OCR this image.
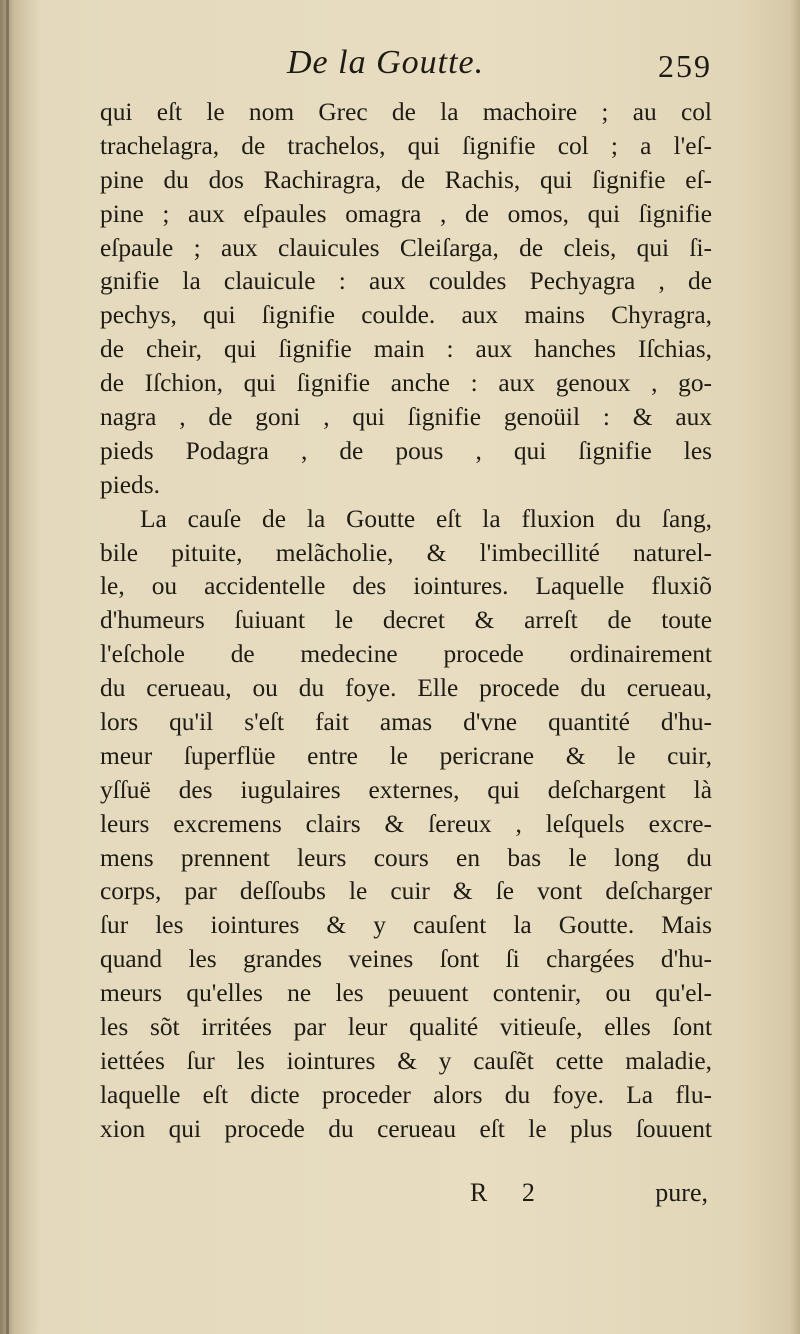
De la Goutte.	259
qui eſt le nom Grec de la machoire ; au col
trachelagra, de trachelos, qui ſignifie col ; a l'eſ-
pine du dos Rachiragra, de Rachis, qui ſignifie eſ-
pine ; aux eſpaules omagra , de omos, qui ſignifie
eſpaule ; aux clauicules Cleiſarga, de cleis, qui ſi-
gnifie la clauicule : aux couldes Pechyagra , de
pechys, qui ſignifie coulde. aux mains Chyragra,
de cheir, qui ſignifie main : aux hanches Iſchias,
de Iſchion, qui ſignifie anche : aux genoux , go-
nagra , de goni , qui ſignifie genoüil : & aux
pieds Podagra , de pous , qui ſignifie les
pieds.
La cauſe de la Goutte eſt la fluxion du ſang,
bile pituite, melãcholie, & l'imbecillité naturel-
le, ou accidentelle des iointures. Laquelle fluxiõ
d'humeurs ſuiuant le decret & arreſt de toute
l'eſchole de medecine procede ordinairement
du cerueau, ou du foye. Elle procede du cerueau,
lors qu'il s'eſt fait amas d'vne quantité d'hu-
meur ſuperflüe entre le pericrane & le cuir,
yſſuë des iugulaires externes, qui deſchargent là
leurs excremens clairs & ſereux , leſquels excre-
mens prennent leurs cours en bas le long du
corps, par deſſoubs le cuir & ſe vont deſcharger
ſur les iointures & y cauſent la Goutte. Mais
quand les grandes veines ſont ſi chargées d'hu-
meurs qu'elles ne les peuuent contenir, ou qu'el-
les sõt irritées par leur qualité vitieuſe, elles ſont
iettées ſur les iointures & y cauſẽt cette maladie,
laquelle eſt dicte proceder alors du foye. La flu-
xion qui procede du cerueau eſt le plus ſouuent
R 2	pure,
